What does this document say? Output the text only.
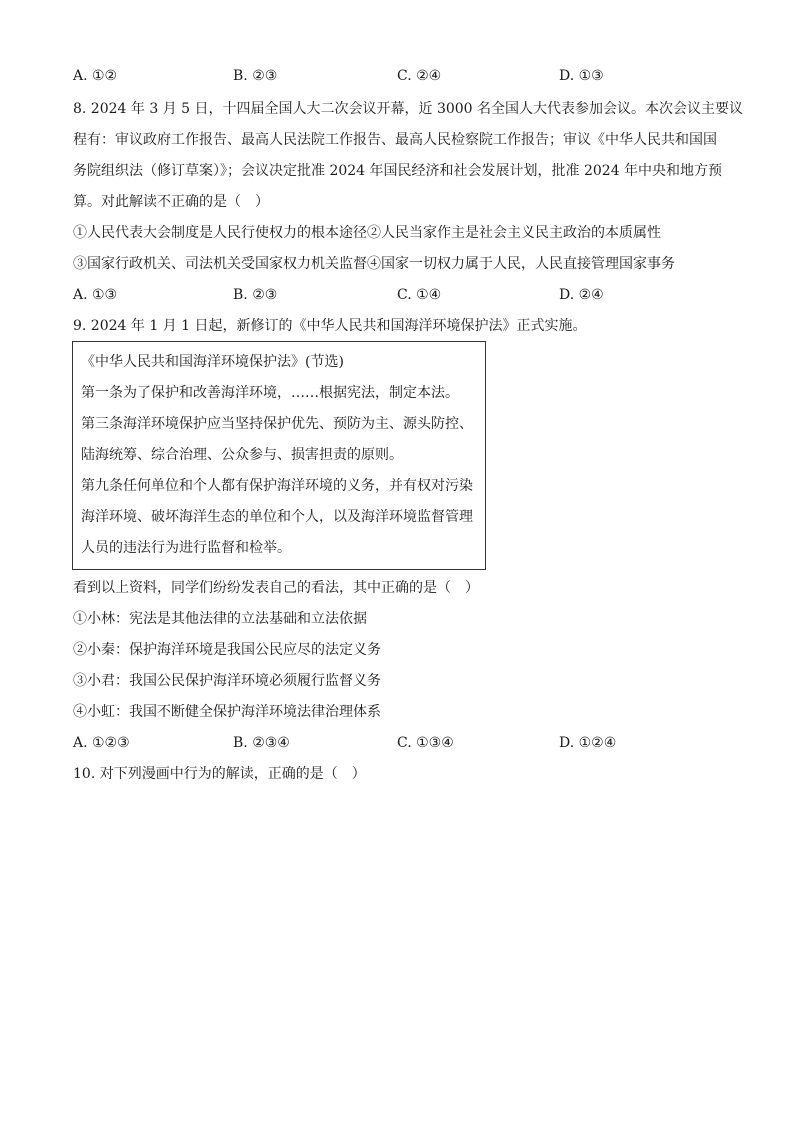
A. ①②	B. ②③	C. ②④	D. ①③
8. 2024 年 3 月 5 日，十四届全国人大二次会议开幕，近 3000 名全国人大代表参加会议。本次会议主要议
程有：审议政府工作报告、最高人民法院工作报告、最高人民检察院工作报告；审议《中华人民共和国国
务院组织法（修订草案）》；会议决定批准 2024 年国民经济和社会发展计划，批准 2024 年中央和地方预
算。对此解读不正确的是（　）
①人民代表大会制度是人民行使权力的根本途径②人民当家作主是社会主义民主政治的本质属性
③国家行政机关、司法机关受国家权力机关监督④国家一切权力属于人民，人民直接管理国家事务
A. ①③	B. ②③	C. ①④	D. ②④
9. 2024 年 1 月 1 日起，新修订的《中华人民共和国海洋环境保护法》正式实施。
《中华人民共和国海洋环境保护法》(节选)
第一条为了保护和改善海洋环境，……根据宪法，制定本法。
第三条海洋环境保护应当坚持保护优先、预防为主、源头防控、
陆海统筹、综合治理、公众参与、损害担责的原则。
第九条任何单位和个人都有保护海洋环境的义务，并有权对污染
海洋环境、破坏海洋生态的单位和个人，以及海洋环境监督管理
人员的违法行为进行监督和检举。
看到以上资料，同学们纷纷发表自己的看法，其中正确的是（　）
①小林：宪法是其他法律的立法基础和立法依据
②小秦：保护海洋环境是我国公民应尽的法定义务
③小君：我国公民保护海洋环境必须履行监督义务
④小虹：我国不断健全保护海洋环境法律治理体系
A. ①②③	B. ②③④	C. ①③④	D. ①②④
10. 对下列漫画中行为的解读，正确的是（　）
